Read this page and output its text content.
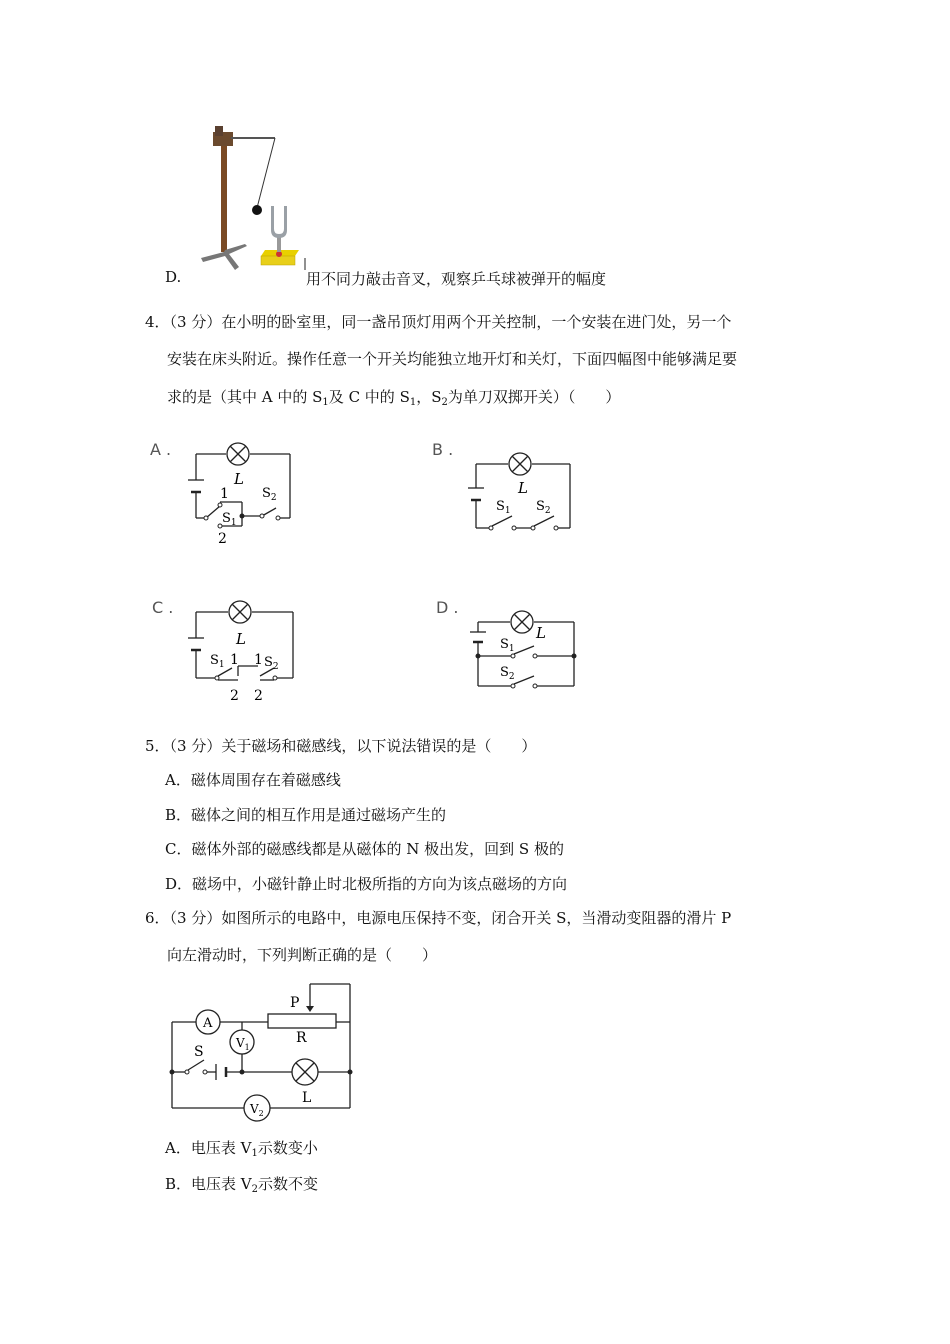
D.	用不同力敲击音叉，观察乒乓球被弹开的幅度
4．（3 分）在小明的卧室里，同一盏吊顶灯用两个开关控制，一个安装在进门处，另一个
安装在床头附近。操作任意一个开关均能独立地开灯和关灯，下面四幅图中能够满足要
求的是（其中 A 中的 $S_1$及 C 中的 $S_1$，$S_2$为单刀双掷开关）（　　）
A .
L
1
$S_1$
$S_2$
2
B .
L
$S_1$ $S_2$
C .
L
$S_1$ 1 1 $S_2$
2 2
D .
L
$S_1$
$S_2$
5．（3 分）关于磁场和磁感线，以下说法错误的是（　　）
A．磁体周围存在着磁感线
B．磁体之间的相互作用是通过磁场产生的
C．磁体外部的磁感线都是从磁体的 N 极出发，回到 S 极的
D．磁场中，小磁针静止时北极所指的方向为该点磁场的方向
6．（3 分）如图所示的电路中，电源电压保持不变，闭合开关 S，当滑动变阻器的滑片 P
向左滑动时，下列判断正确的是（　　）
A
$V_1$
$V_2$
P
R
S
L
A．电压表 $V_1$示数变小
B．电压表 $V_2$示数不变
